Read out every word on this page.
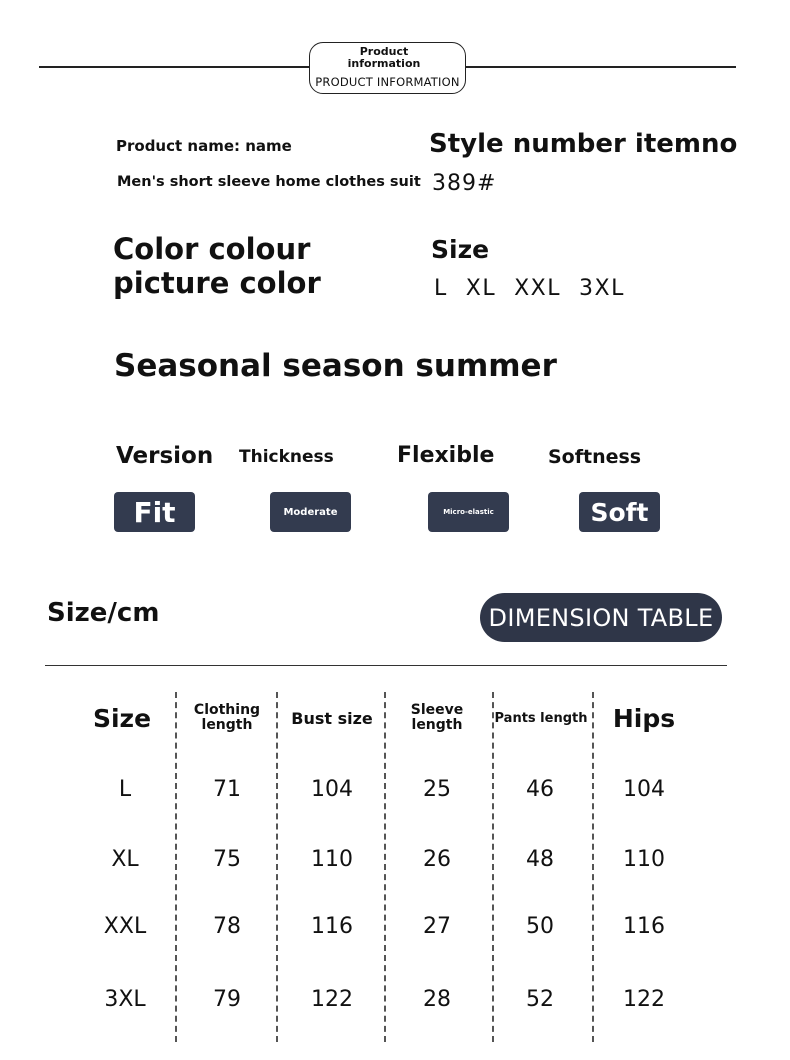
Product information
PRODUCT INFORMATION
Product name: name
Men's short sleeve home clothes suit
Style number itemno
389#
Color colour
picture color
Size
L XL XXL 3XL
Seasonal season summer
Version Thickness	Flexible	Softness
Fit	Moderate	Micro-elastic	Soft
Size/cm	DIMENSION TABLE
Size	Clothing length	Bust size	Sleeve length	Pants length	Hips
L	71	104	25	46	104
XL	75	110	26	48	110
XXL	78	116	27	50	116
3XL	79	122	28	52	122
